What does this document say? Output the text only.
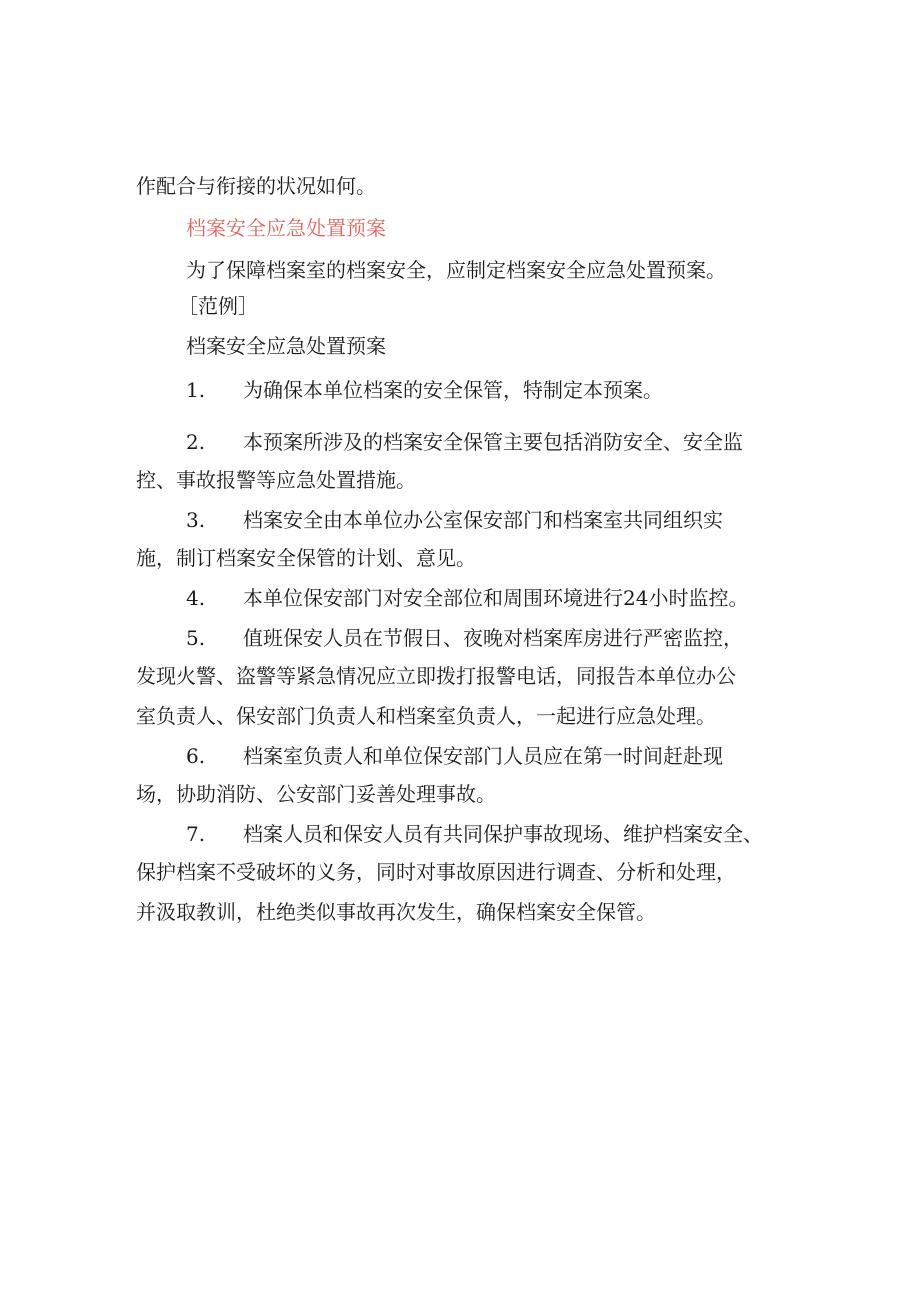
作配合与衔接的状况如何。

档案安全应急处置预案

为了保障档案室的档案安全，应制定档案安全应急处置预案。

［范例］

档案安全应急处置预案

1. 为确保本单位档案的安全保管，特制定本预案。

2. 本预案所涉及的档案安全保管主要包括消防安全、安全监

控、事故报警等应急处置措施。

3. 档案安全由本单位办公室保安部门和档案室共同组织实

施，制订档案安全保管的计划、意见。

4. 本单位保安部门对安全部位和周围环境进行24小时监控。

5. 值班保安人员在节假日、夜晚对档案库房进行严密监控，

发现火警、盗警等紧急情况应立即拨打报警电话，同报告本单位办公

室负责人、保安部门负责人和档案室负责人，一起进行应急处理。

6. 档案室负责人和单位保安部门人员应在第一时间赶赴现

场，协助消防、公安部门妥善处理事故。

7. 档案人员和保安人员有共同保护事故现场、维护档案安全、

保护档案不受破坏的义务，同时对事故原因进行调查、分析和处理，

并汲取教训，杜绝类似事故再次发生，确保档案安全保管。
